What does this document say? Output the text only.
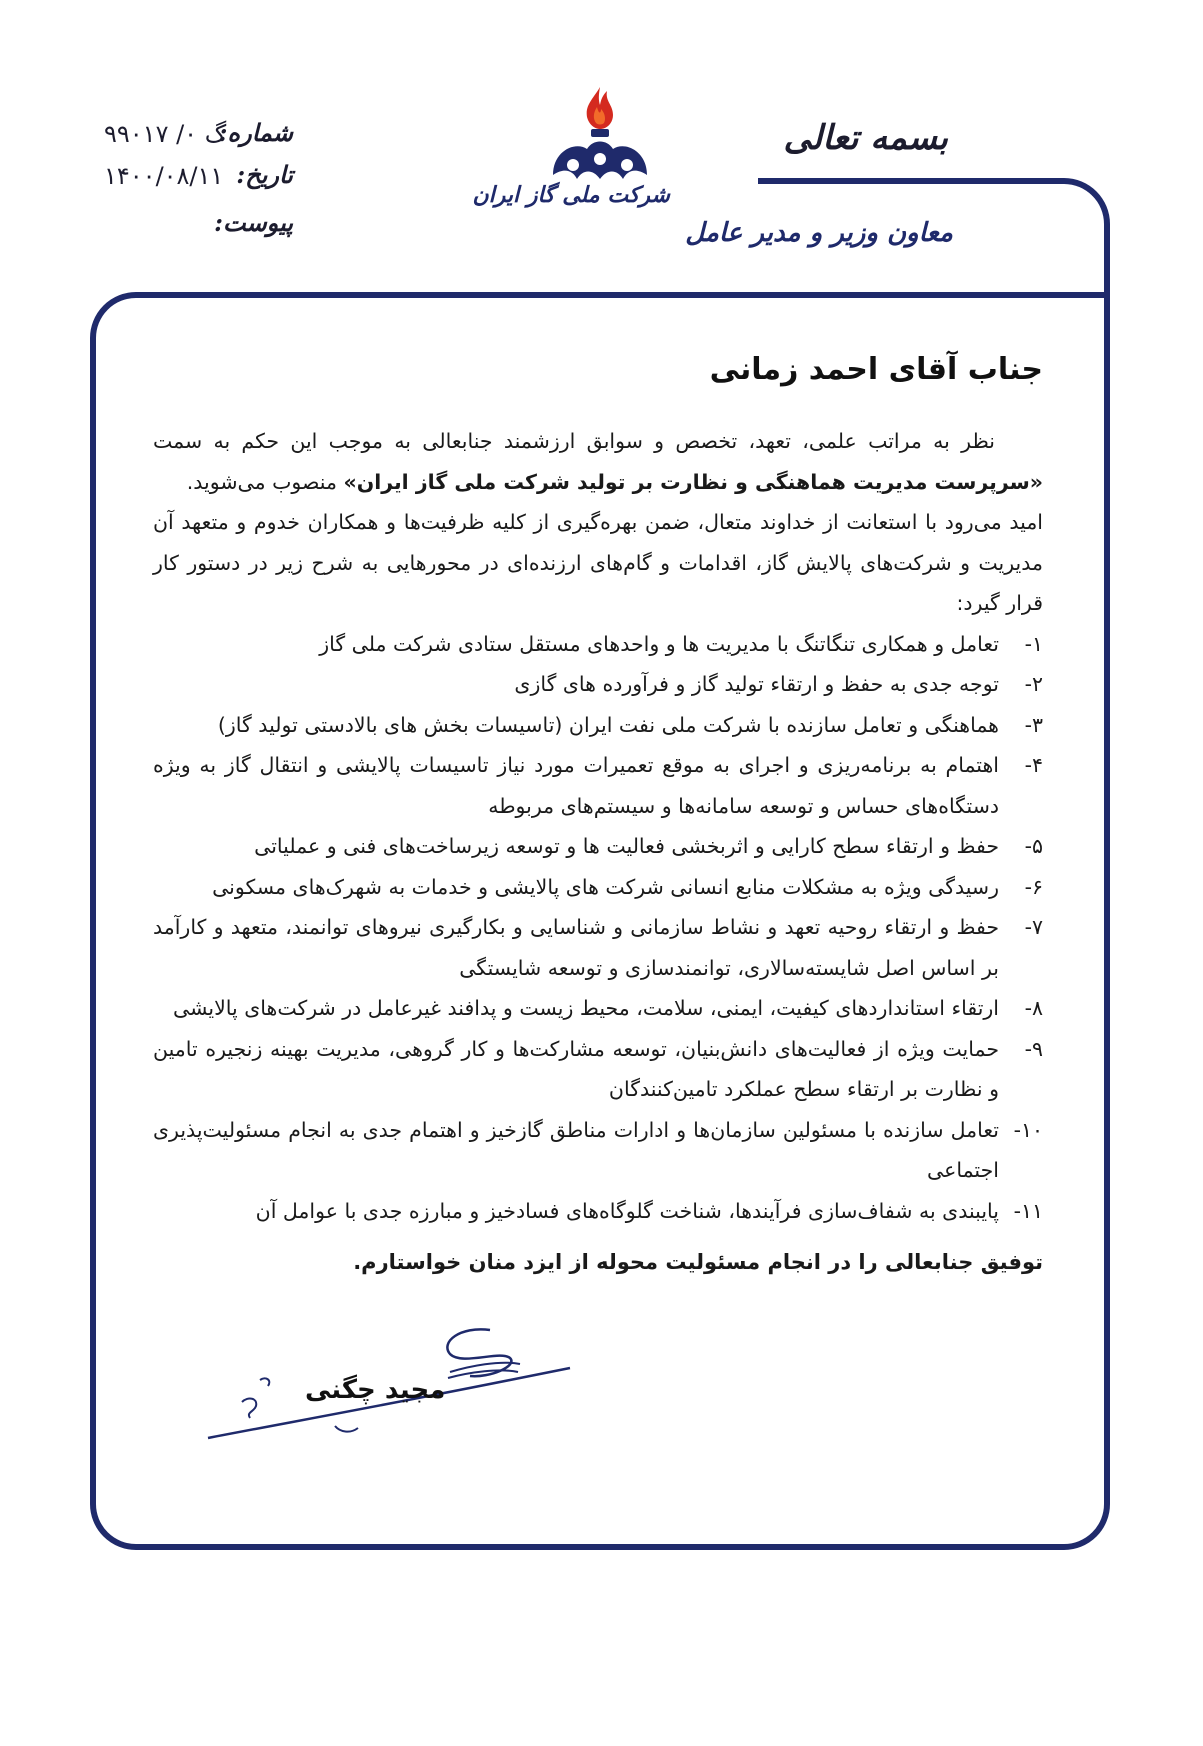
بسمه تعالی
معاون وزیر و مدیر عامل
شرکت ملی گاز ایران
شماره:
گ ۰/ ۹۹۰۱۷
تاریخ:
۱۴۰۰/۰۸/۱۱
پیوست:
جناب آقای احمد زمانی

نظر به مراتب علمی، تعهد، تخصص و سوابق ارزشمند جنابعالی به موجب این حکم به سمت «سرپرست مدیریت هماهنگی و نظارت بر تولید شرکت ملی گاز ایران» منصوب می‌شوید.

امید می‌رود با استعانت از خداوند متعال، ضمن بهره‌گیری از کلیه ظرفیت‌ها و همکاران خدوم و متعهد آن مدیریت و شرکت‌های پالایش گاز، اقدامات و گام‌های ارزنده‌ای در محورهایی به شرح زیر در دستور کار قرار گیرد:

۱-
تعامل و همکاری تنگاتنگ با مدیریت ها و واحدهای مستقل ستادی شرکت ملی گاز
۲-
توجه جدی به حفظ و ارتقاء تولید گاز و فرآورده های گازی
۳-
هماهنگی و تعامل سازنده با شرکت ملی نفت ایران (تاسیسات بخش های بالادستی تولید گاز)
۴-
اهتمام به برنامه‌ریزی و اجرای به موقع تعمیرات مورد نیاز تاسیسات پالایشی و انتقال گاز به ویژه دستگاه‌های حساس و توسعه سامانه‌ها و سیستم‌های مربوطه
۵-
حفظ و ارتقاء سطح کارایی و اثربخشی فعالیت ها و توسعه زیرساخت‌های فنی و عملیاتی
۶-
رسیدگی ویژه به مشکلات منابع انسانی شرکت های پالایشی و خدمات به شهرک‌های مسکونی
۷-
حفظ و ارتقاء روحیه تعهد و نشاط سازمانی و شناسایی و بکارگیری نیروهای توانمند، متعهد و کارآمد بر اساس اصل شایسته‌سالاری، توانمندسازی و توسعه شایستگی
۸-
ارتقاء استانداردهای کیفیت، ایمنی، سلامت، محیط زیست و پدافند غیرعامل در شرکت‌های پالایشی
۹-
حمایت ویژه از فعالیت‌های دانش‌بنیان، توسعه مشارکت‌ها و کار گروهی، مدیریت بهینه زنجیره تامین و نظارت بر ارتقاء سطح عملکرد تامین‌کنندگان
۱۰-
تعامل سازنده با مسئولین سازمان‌ها و ادارات مناطق گازخیز و اهتمام جدی به انجام مسئولیت‌پذیری اجتماعی
۱۱-
پایبندی به شفاف‌سازی فرآیندها، شناخت گلوگاه‌های فسادخیز و مبارزه جدی با عوامل آن
توفیق جنابعالی را در انجام مسئولیت محوله از ایزد منان خواستارم.
مجید چگنی
